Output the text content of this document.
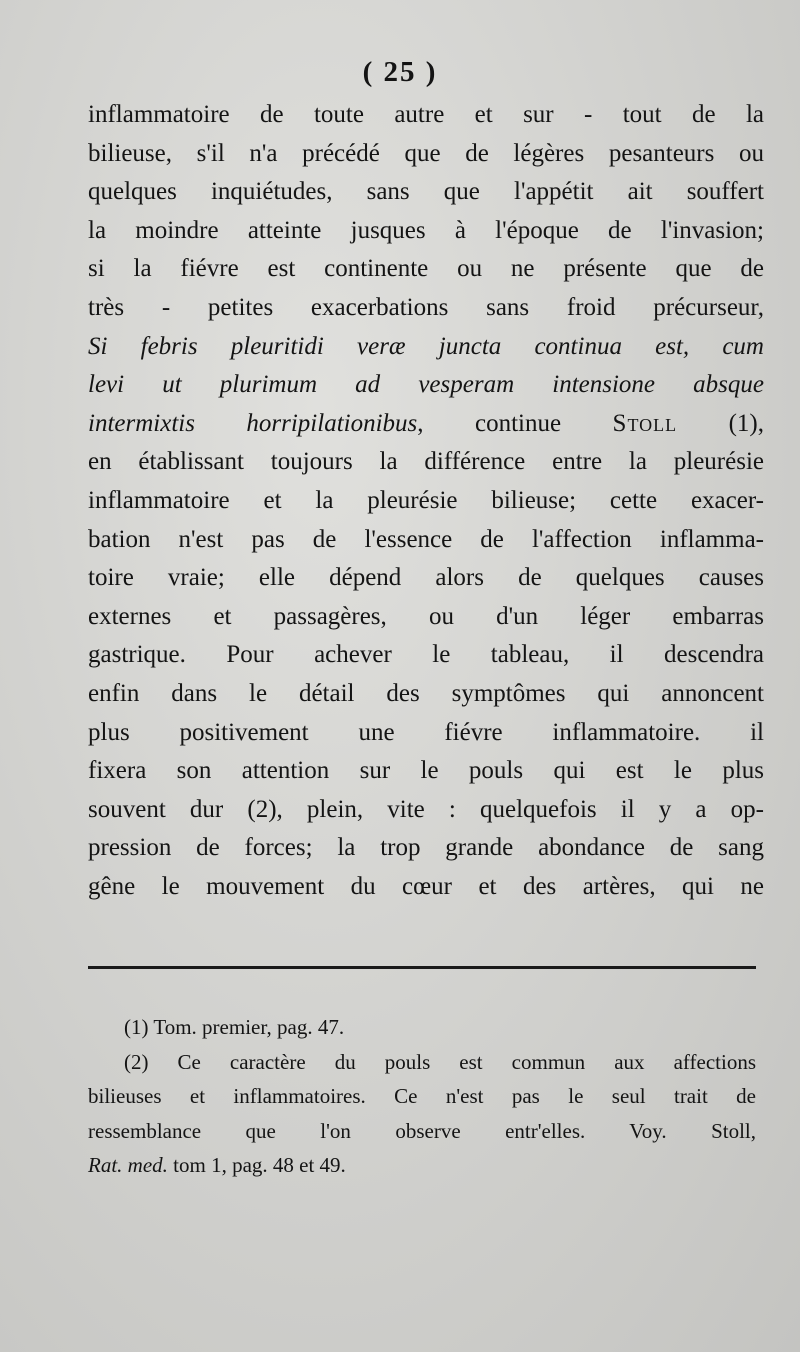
( 25 )
inflammatoire de toute autre et sur - tout de la
bilieuse, s'il n'a précédé que de légères pesanteurs ou
quelques inquiétudes, sans que l'appétit ait souffert
la moindre atteinte jusques à l'époque de l'invasion;
si la fiévre est continente ou ne présente que de
très - petites exacerbations sans froid précurseur,
Si febris pleuritidi veræ juncta continua est, cum
levi ut plurimum ad vesperam intensione absque
intermixtis horripilationibus, continue Stoll (1),
en établissant toujours la différence entre la pleurésie
inflammatoire et la pleurésie bilieuse; cette exacer-
bation n'est pas de l'essence de l'affection inflamma-
toire vraie; elle dépend alors de quelques causes
externes et passagères, ou d'un léger embarras
gastrique. Pour achever le tableau, il descendra
enfin dans le détail des symptômes qui annoncent
plus positivement une fiévre inflammatoire. il
fixera son attention sur le pouls qui est le plus
souvent dur (2), plein, vite : quelquefois il y a op-
pression de forces; la trop grande abondance de sang
gêne le mouvement du cœur et des artères, qui ne
(1) Tom. premier, pag. 47.
(2) Ce caractère du pouls est commun aux affections
bilieuses et inflammatoires. Ce n'est pas le seul trait de
ressemblance que l'on observe entr'elles. Voy. Stoll,
Rat. med. tom 1, pag. 48 et 49.
